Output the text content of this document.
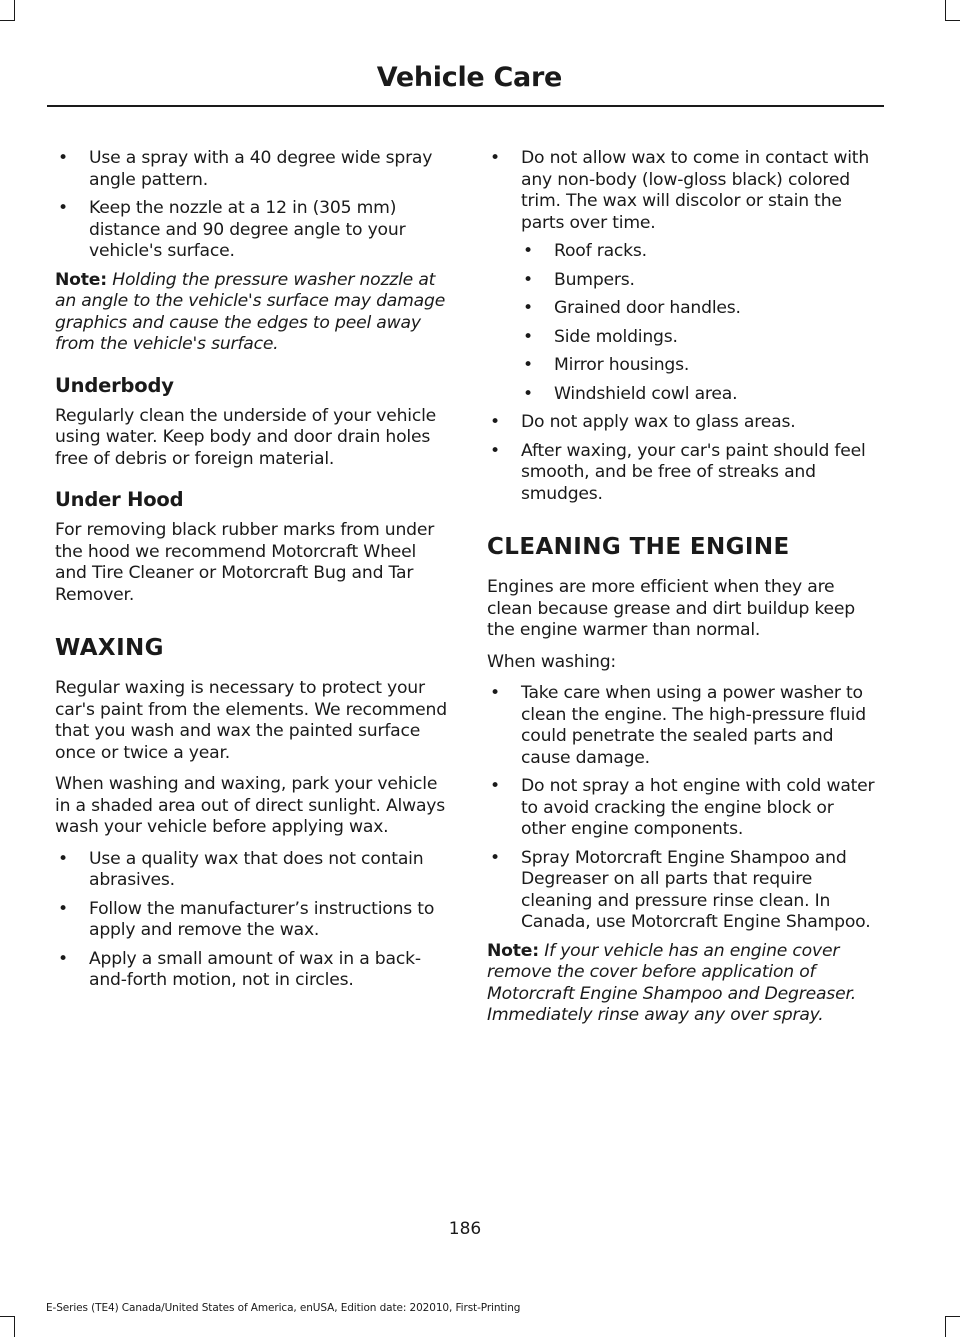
Vehicle Care

• Use a spray with a 40 degree wide spray angle pattern.

• Keep the nozzle at a 12 in (305 mm) distance and 90 degree angle to your vehicle's surface.

Note: Holding the pressure washer nozzle at an angle to the vehicle's surface may damage graphics and cause the edges to peel away from the vehicle's surface.

Underbody

Regularly clean the underside of your vehicle using water. Keep body and door drain holes free of debris or foreign material.

Under Hood

For removing black rubber marks from under the hood we recommend Motorcraft Wheel and Tire Cleaner or Motorcraft Bug and Tar Remover.

WAXING

Regular waxing is necessary to protect your car's paint from the elements. We recommend that you wash and wax the painted surface once or twice a year.

When washing and waxing, park your vehicle in a shaded area out of direct sunlight. Always wash your vehicle before applying wax.

• Use a quality wax that does not contain abrasives.

• Follow the manufacturer’s instructions to apply and remove the wax.

• Apply a small amount of wax in a back-and-forth motion, not in circles.

• Do not allow wax to come in contact with any non-body (low-gloss black) colored trim. The wax will discolor or stain the parts over time.

• Roof racks.

• Bumpers.

• Grained door handles.

• Side moldings.

• Mirror housings.

• Windshield cowl area.

• Do not apply wax to glass areas.

• After waxing, your car's paint should feel smooth, and be free of streaks and smudges.

CLEANING THE ENGINE

Engines are more efficient when they are clean because grease and dirt buildup keep the engine warmer than normal.

When washing:

• Take care when using a power washer to clean the engine. The high-pressure fluid could penetrate the sealed parts and cause damage.

• Do not spray a hot engine with cold water to avoid cracking the engine block or other engine components.

• Spray Motorcraft Engine Shampoo and Degreaser on all parts that require cleaning and pressure rinse clean. In Canada, use Motorcraft Engine Shampoo.

Note: If your vehicle has an engine cover remove the cover before application of Motorcraft Engine Shampoo and Degreaser. Immediately rinse away any over spray.

186

E-Series (TE4) Canada/United States of America, enUSA, Edition date: 202010, First-Printing
